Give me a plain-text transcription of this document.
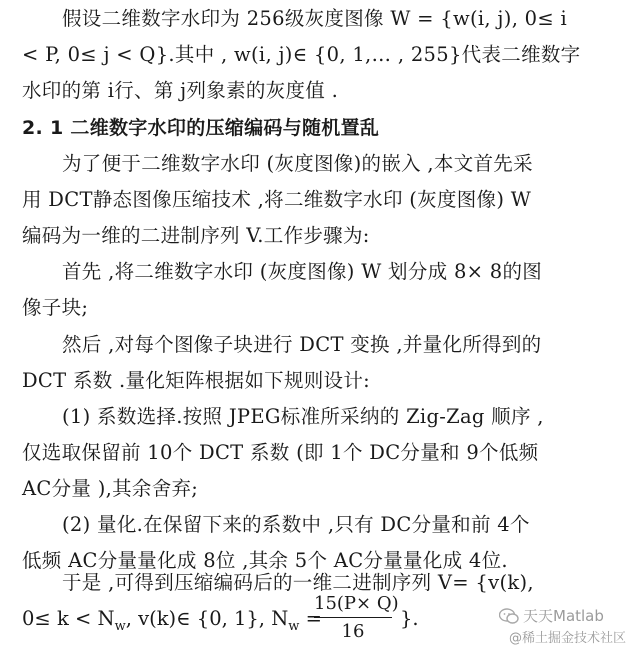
假设二维数字水印为 256级灰度图像 W = {w(i, j), 0≤ i
< P, 0≤ j < Q}.其中 , w(i, j)∈ {0, 1,… , 255}代表二维数字
水印的第 i行、第 j列象素的灰度值 .
2. 1 二维数字水印的压缩编码与随机置乱
为了便于二维数字水印 (灰度图像)的嵌入 ,本文首先采
用 DCT静态图像压缩技术 ,将二维数字水印 (灰度图像) W
编码为一维的二进制序列 V.工作步骤为:
首先 ,将二维数字水印 (灰度图像) W 划分成 8× 8的图
像子块;
然后 ,对每个图像子块进行 DCT 变换 ,并量化所得到的
DCT 系数 .量化矩阵根据如下规则设计:
(1) 系数选择.按照 JPEG标准所采纳的 Zig-Zag 顺序 ,
仅选取保留前 10个 DCT 系数 (即 1个 DC分量和 9个低频
AC分量 ),其余舍弃;
(2) 量化.在保留下来的系数中 ,只有 DC分量和前 4个
低频 AC分量量化成 8位 ,其余 5个 AC分量量化成 4位.
于是 ,可得到压缩编码后的一维二进制序列 V= {v(k),
$0\le k < N_w$, v(k)∈ {0, 1}, $N_w$ =
15(P× Q)
16
}.	天天Matlab
@稀土掘金技术社区
